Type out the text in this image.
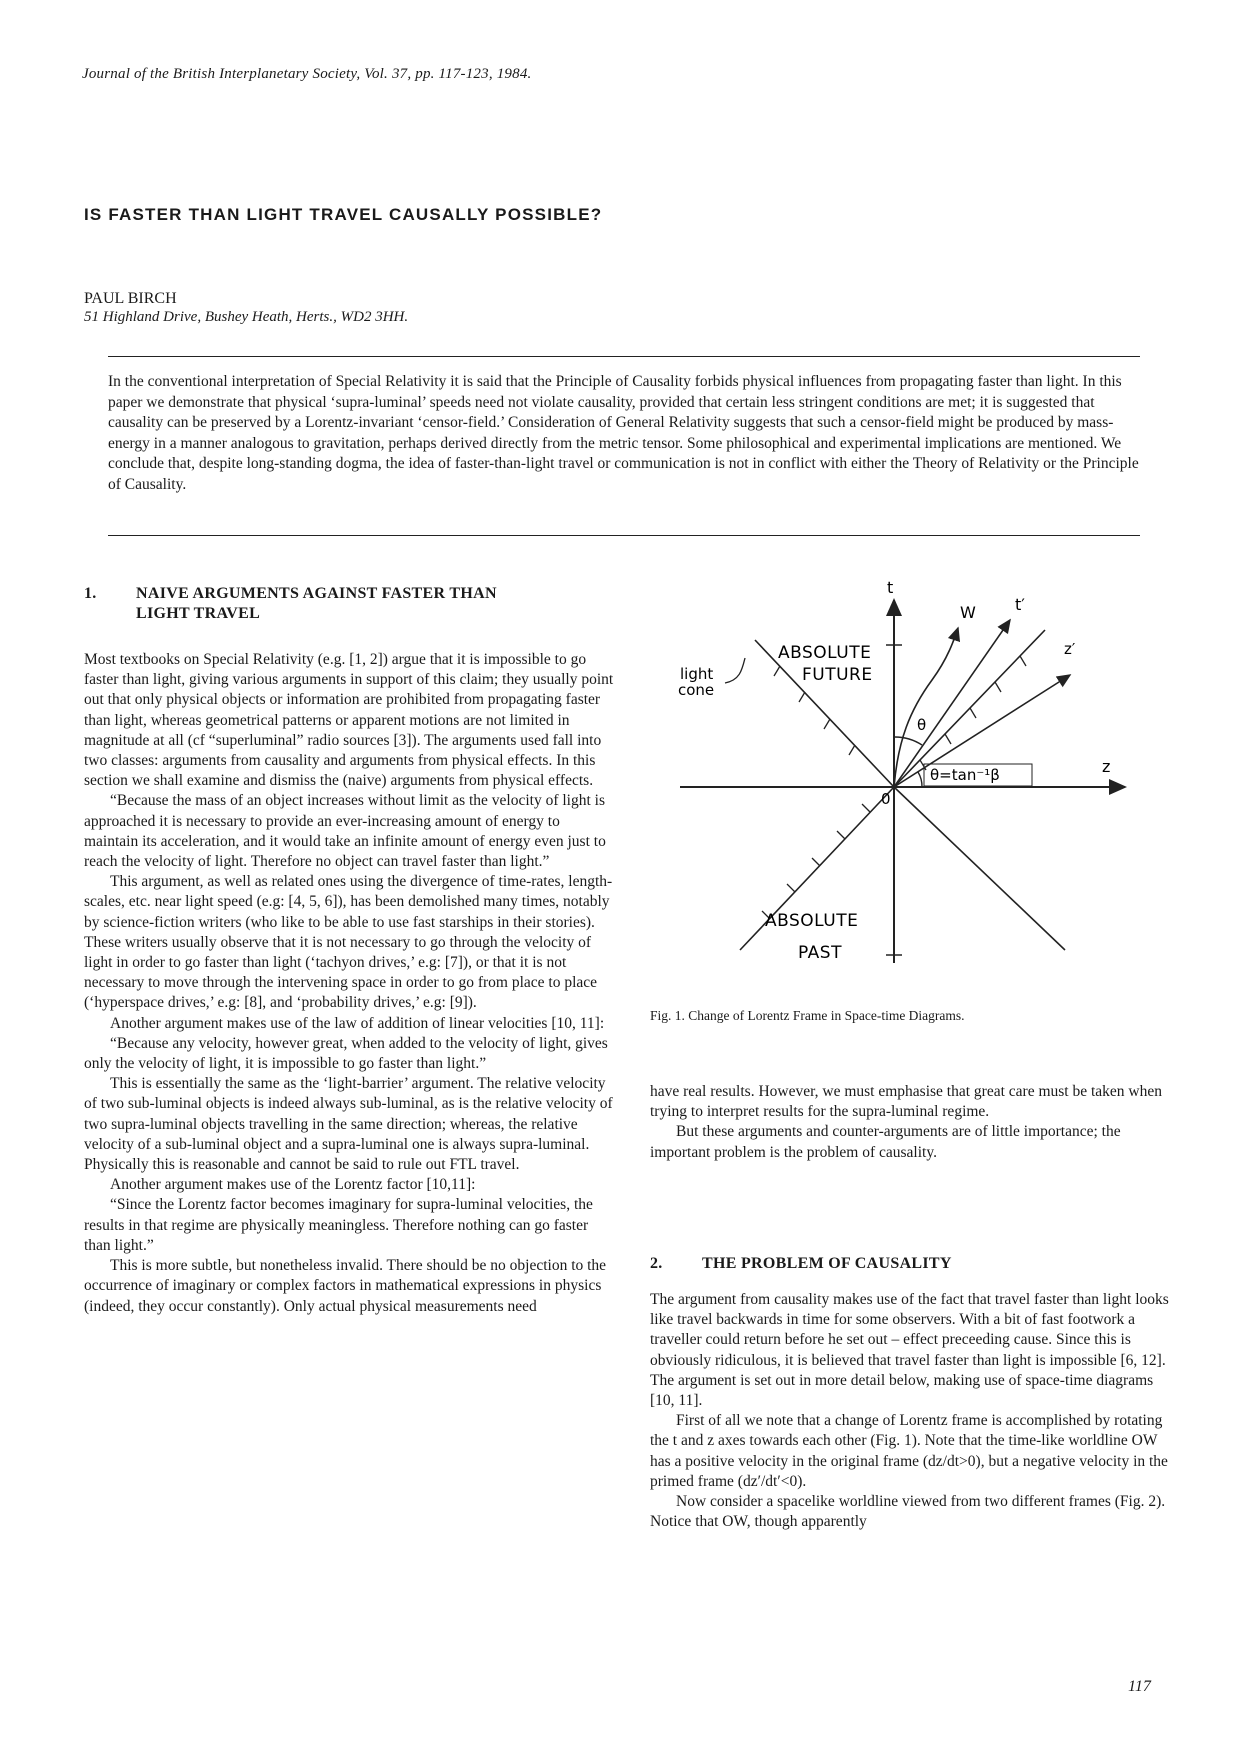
Journal of the British Interplanetary Society, Vol. 37, pp. 117-123, 1984.
IS FASTER THAN LIGHT TRAVEL CAUSALLY POSSIBLE?
PAUL BIRCH
51 Highland Drive, Bushey Heath, Herts., WD2 3HH.

In the conventional interpretation of Special Relativity it is said that the Principle of Causality forbids physical influences from propagating faster than light. In this paper we demonstrate that physical ‘supra-luminal’ speeds need not violate causality, provided that certain less stringent conditions are met; it is suggested that causality can be preserved by a Lorentz-invariant ‘censor-field.’ Consideration of General Relativity suggests that such a censor-field might be produced by mass-energy in a manner analogous to gravitation, perhaps derived directly from the metric tensor. Some philosophical and experimental implications are mentioned. We conclude that, despite long-standing dogma, the idea of faster-than-light travel or communication is not in conflict with either the Theory of Relativity or the Principle of Causality.

1. NAIVE ARGUMENTS AGAINST FASTER THAN
LIGHT TRAVEL

Most textbooks on Special Relativity (e.g. [1, 2]) argue that it is impossible to go faster than light, giving various arguments in support of this claim; they usually point out that only physical objects or information are prohibited from propagating faster than light, whereas geometrical patterns or apparent motions are not limited in magnitude at all (cf “superluminal” radio sources [3]). The arguments used fall into two classes: arguments from causality and arguments from physical effects. In this section we shall examine and dismiss the (naive) arguments from physical effects.

“Because the mass of an object increases without limit as the velocity of light is approached it is necessary to provide an ever-increasing amount of energy to maintain its acceleration, and it would take an infinite amount of energy even just to reach the velocity of light. Therefore no object can travel faster than light.”

This argument, as well as related ones using the divergence of time-rates, length-scales, etc. near light speed (e.g: [4, 5, 6]), has been demolished many times, notably by science-fiction writers (who like to be able to use fast starships in their stories). These writers usually observe that it is not necessary to go through the velocity of light in order to go faster than light (‘tachyon drives,’ e.g: [7]), or that it is not necessary to move through the intervening space in order to go from place to place (‘hyperspace drives,’ e.g: [8], and ‘probability drives,’ e.g: [9]).

Another argument makes use of the law of addition of linear velocities [10, 11]:

“Because any velocity, however great, when added to the velocity of light, gives only the velocity of light, it is impossible to go faster than light.”

This is essentially the same as the ‘light-barrier’ argument. The relative velocity of two sub-luminal objects is indeed always sub-luminal, as is the relative velocity of two supra-luminal objects travelling in the same direction; whereas, the relative velocity of a sub-luminal object and a supra-luminal one is always supra-luminal. Physically this is reasonable and cannot be said to rule out FTL travel.

Another argument makes use of the Lorentz factor [10,11]:

“Since the Lorentz factor becomes imaginary for supra-luminal velocities, the results in that regime are physically meaningless. Therefore nothing can go faster than light.”

This is more subtle, but nonetheless invalid. There should be no objection to the occurrence of imaginary or complex factors in mathematical expressions in physics (indeed, they occur constantly). Only actual physical measurements need

t
t′
W
z′
z
0
θ
θ=tan⁻¹β
ABSOLUTE
FUTURE
light
cone
ABSOLUTE
PAST
Fig. 1. Change of Lorentz Frame in Space-time Diagrams.

have real results. However, we must emphasise that great care must be taken when trying to interpret results for the supra-luminal regime.

But these arguments and counter-arguments are of little importance; the important problem is the problem of causality.

2. THE PROBLEM OF CAUSALITY

The argument from causality makes use of the fact that travel faster than light looks like travel backwards in time for some observers. With a bit of fast footwork a traveller could return before he set out – effect preceeding cause. Since this is obviously ridiculous, it is believed that travel faster than light is impossible [6, 12]. The argument is set out in more detail below, making use of space-time diagrams [10, 11].

First of all we note that a change of Lorentz frame is accomplished by rotating the t and z axes towards each other (Fig. 1). Note that the time-like worldline OW has a positive velocity in the original frame (dz/dt>0), but a negative velocity in the primed frame (dz′/dt′<0).

Now consider a spacelike worldline viewed from two different frames (Fig. 2). Notice that OW, though apparently

117
